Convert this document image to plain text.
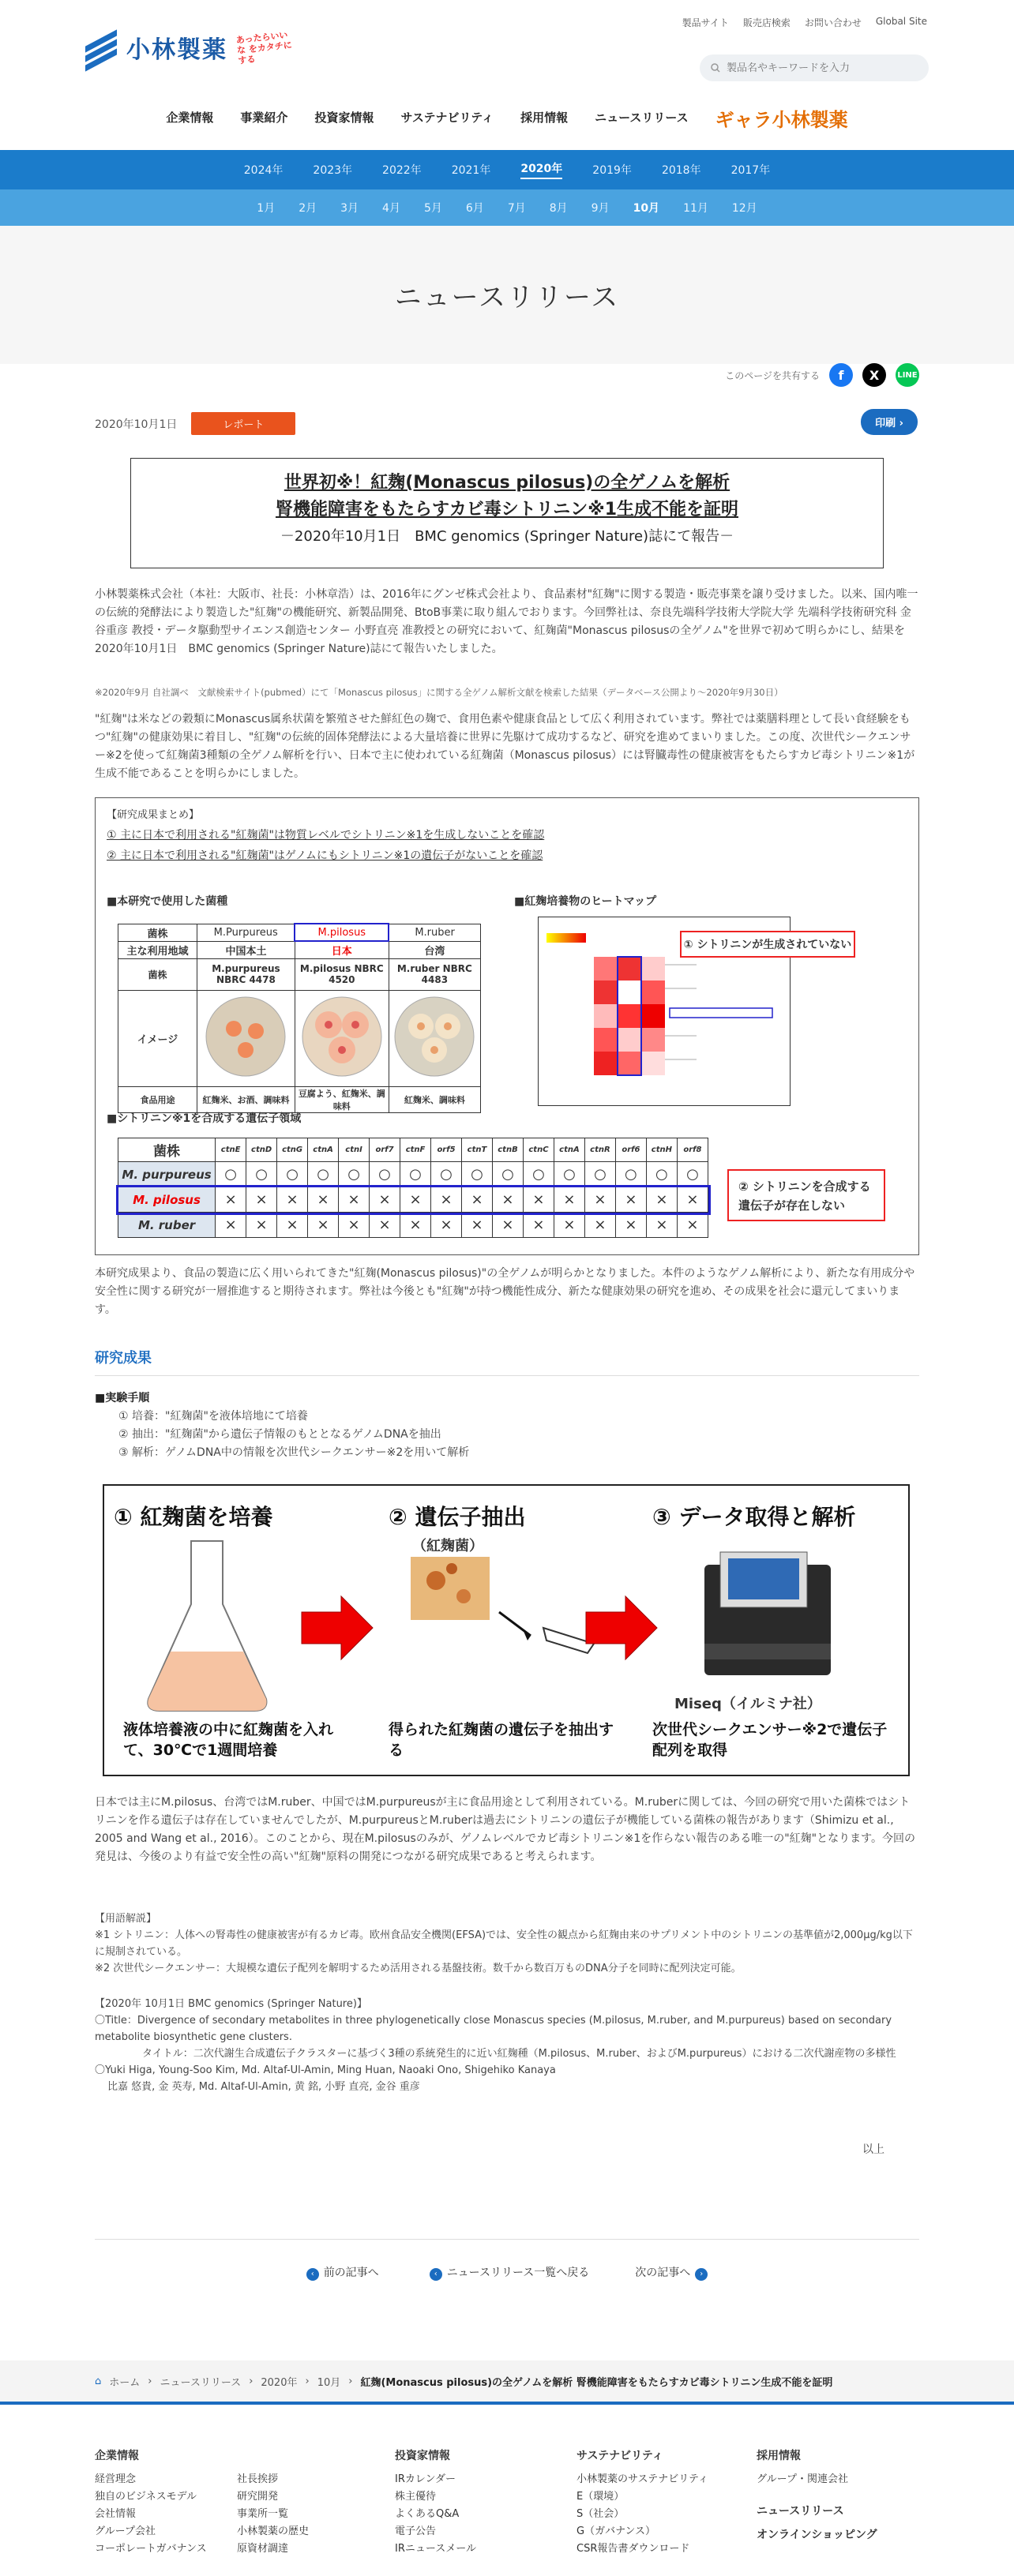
製品サイト 販売店検索 お問い合わせ Global Site
小林製薬 あったらいいな をカタチにする
製品名やキーワードを入力
企業情報 事業紹介 投資家情報 サステナビリティ 採用情報 ニュースリリース ギャラ小林製薬
2024年	2023年	2022年	2021年	2020年	2019年	2018年	2017年
1月 2月 3月 4月 5月 6月 7月 8月 9月 10月 11月 12月
ニュースリリース
このページを共有する	f	X	LINE
2020年10月1日	レポート	印刷 ›
世界初※！紅麹(Monascus pilosus)の全ゲノムを解析
腎機能障害をもたらすカビ毒シトリニン※1生成不能を証明
－2020年10月1日　BMC genomics (Springer Nature)誌にて報告－
小林製薬株式会社（本社：大阪市、社長：小林章浩）は、2016年にグンゼ株式会社より、食品素材"紅麹"に関する製造・販売事業を譲り受けました。以来、国内唯一の伝統的発酵法により製造した"紅麹"の機能研究、新製品開発、BtoB事業に取り組んでおります。今回弊社は、奈良先端科学技術大学院大学 先端科学技術研究科 金谷重彦 教授・データ駆動型サイエンス創造センター 小野直亮 准教授との研究において、紅麹菌"Monascus pilosusの全ゲノム"を世界で初めて明らかにし、結果を2020年10月1日　BMC genomics (Springer Nature)誌にて報告いたしました。
※2020年9月 自社調べ　文献検索サイト(pubmed）にて「Monascus pilosus」に関する全ゲノム解析文献を検索した結果（データベース公開より〜2020年9月30日）
"紅麹"は米などの穀類にMonascus属糸状菌を繁殖させた鮮紅色の麹で、食用色素や健康食品として広く利用されています。弊社では薬膳料理として長い食経験をもつ"紅麹"の健康効果に着目し、"紅麹"の伝統的固体発酵法による大量培養に世界に先駆けて成功するなど、研究を進めてまいりました。この度、次世代シークエンサー※2を使って紅麹菌3種類の全ゲノム解析を行い、日本で主に使われている紅麹菌（Monascus pilosus）には腎臓毒性の健康被害をもたらすカビ毒シトリニン※1が生成不能であることを明らかにしました。
【研究成果まとめ】
① 主に日本で利用される"紅麹菌"は物質レベルでシトリニン※1を生成しないことを確認
② 主に日本で利用される"紅麹菌"はゲノムにもシトリニン※1の遺伝子がないことを確認
■本研究で使用した菌種	■紅麹培養物のヒートマップ
菌株	M.Purpureus	M.pilosus	M.ruber
主な利用地域	中国本土	日本	台湾
菌株	M.purpureus NBRC 4478	M.pilosus NBRC 4520	M.ruber NBRC 4483
イメージ			
食品用途	紅麹米、お酒、調味料	豆腐よう、紅麹米、調味料	紅麹米、調味料
① シトリニンが生成されていない
■シトリニン※1を合成する遺伝子領域
菌株	ctnE	ctnD	ctnG	ctnA	ctnI	orf7	ctnF	orf5	ctnT	ctnB	ctnC	ctnA	ctnR	orf6	ctnH	orf8
M. purpureus	○	○	○	○	○	○	○	○	○	○	○	○	○	○	○	○
M. pilosus	×	×	×	×	×	×	×	×	×	×	×	×	×	×	×	×
M. ruber	×	×	×	×	×	×	×	×	×	×	×	×	×	×	×	×
② シトリニンを合成する遺伝子が存在しない
本研究成果より、食品の製造に広く用いられてきた"紅麹(Monascus pilosus)"の全ゲノムが明らかとなりました。本件のようなゲノム解析により、新たな有用成分や安全性に関する研究が一層推進すると期待されます。弊社は今後とも"紅麹"が持つ機能性成分、新たな健康効果の研究を進め、その成果を社会に還元してまいります。
研究成果
■実験手順
① 培養："紅麹菌"を液体培地にて培養
② 抽出："紅麹菌"から遺伝子情報のもととなるゲノムDNAを抽出
③ 解析：ゲノムDNA中の情報を次世代シークエンサー※2を用いて解析
① 紅麹菌を培養	② 遺伝子抽出	③ データ取得と解析
（紅麹菌）
Miseq（イルミナ社）
液体培養液の中に紅麹菌を入れて、30℃で1週間培養
得られた紅麹菌の遺伝子を抽出する
次世代シークエンサー※2で遺伝子配列を取得
日本では主にM.pilosus、台湾ではM.ruber、中国ではM.purpureusが主に食品用途として利用されている。M.ruberに関しては、今回の研究で用いた菌株ではシトリニンを作る遺伝子は存在していませんでしたが、M.purpureusとM.ruberは過去にシトリニンの遺伝子が機能している菌株の報告があります（Shimizu et al., 2005 and Wang et al., 2016）。このことから、現在M.pilosusのみが、ゲノムレベルでカビ毒シトリニン※1を作らない報告のある唯一の"紅麹"となります。今回の発見は、今後のより有益で安全性の高い"紅麹"原料の開発につながる研究成果であると考えられます。
【用語解説】
※1 シトリニン：人体への腎毒性の健康被害が有るカビ毒。欧州食品安全機関(EFSA)では、安全性の観点から紅麹由来のサプリメント中のシトリニンの基準値が2,000μg/kg以下に規制されている。
※2 次世代シークエンサー：大規模な遺伝子配列を解明するため活用される基盤技術。数千から数百万ものDNA分子を同時に配列決定可能。
【2020年 10月1日 BMC genomics (Springer Nature)】
〇Title：Divergence of secondary metabolites in three phylogenetically close Monascus species (M.pilosus, M.ruber, and M.purpureus) based on secondary metabolite biosynthetic gene clusters.
タイトル：二次代謝生合成遺伝子クラスターに基づく3種の系統発生的に近い紅麹種（M.pilosus、M.ruber、およびM.purpureus）における二次代謝産物の多様性
〇Yuki Higa, Young-Soo Kim, Md. Altaf-Ul-Amin, Ming Huan, Naoaki Ono, Shigehiko Kanaya
比嘉 悠貴, 金 英寿, Md. Altaf-Ul-Amin, 黄 銘, 小野 直亮, 金谷 重彦
以上
‹ 前の記事へ	‹ ニュースリリース一覧へ戻る	次の記事へ ›
⌂ ホーム › ニュースリリース › 2020年 › 10月 › 紅麹(Monascus pilosus)の全ゲノムを解析 腎機能障害をもたらすカビ毒シトリニン生成不能を証明
企業情報
経営理念
独自のビジネスモデル
会社情報
グループ会社
コーポレートガバナンス
社長挨拶
研究開発
事業所一覧
小林製薬の歴史
原資材調達
投資家情報
IRカレンダー
株主優待
よくあるQ&A
電子公告
IRニュースメール
サステナビリティ
小林製薬のサステナビリティ
E（環境）
S（社会）
G（ガバナンス）
CSR報告書ダウンロード
採用情報
グループ・関連会社
ニュースリリース
オンラインショッピング
